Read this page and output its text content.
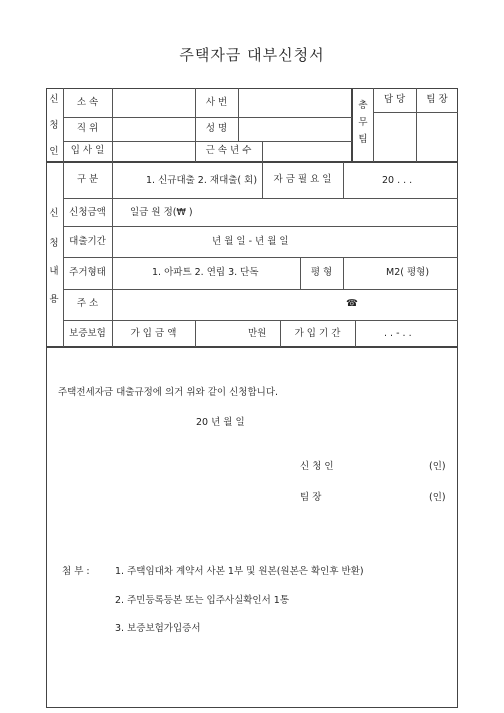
주택자금 대부신청서
신
청
인
소 속	사 번
직 위	성 명
입 사 일	근 속 년 수
총
무
팀
담 당	팀 장
신
청
내
용
구 분	1. 신규대출 2. 재대출( 회)	자 금 필 요 일	20 . . .
신청금액	일금 원 정(₩ )
대출기간	년 월 일 - 년 월 일
주거형태	1. 아파트 2. 연립 3. 단독	평 형	M2( 평형)
주 소	☎
보증보험	가 입 금 액	만원	가 입 기 간	. . - . .
주택전세자금 대출규정에 의거 위와 같이 신청합니다.
20 년 월 일
신 청 인	(인)
팀 장	(인)
첨 부 :	1. 주택임대차 계약서 사본 1부 및 원본(원본은 확인후 반환)
2. 주민등록등본 또는 입주사실확인서 1통
3. 보증보험가입증서
